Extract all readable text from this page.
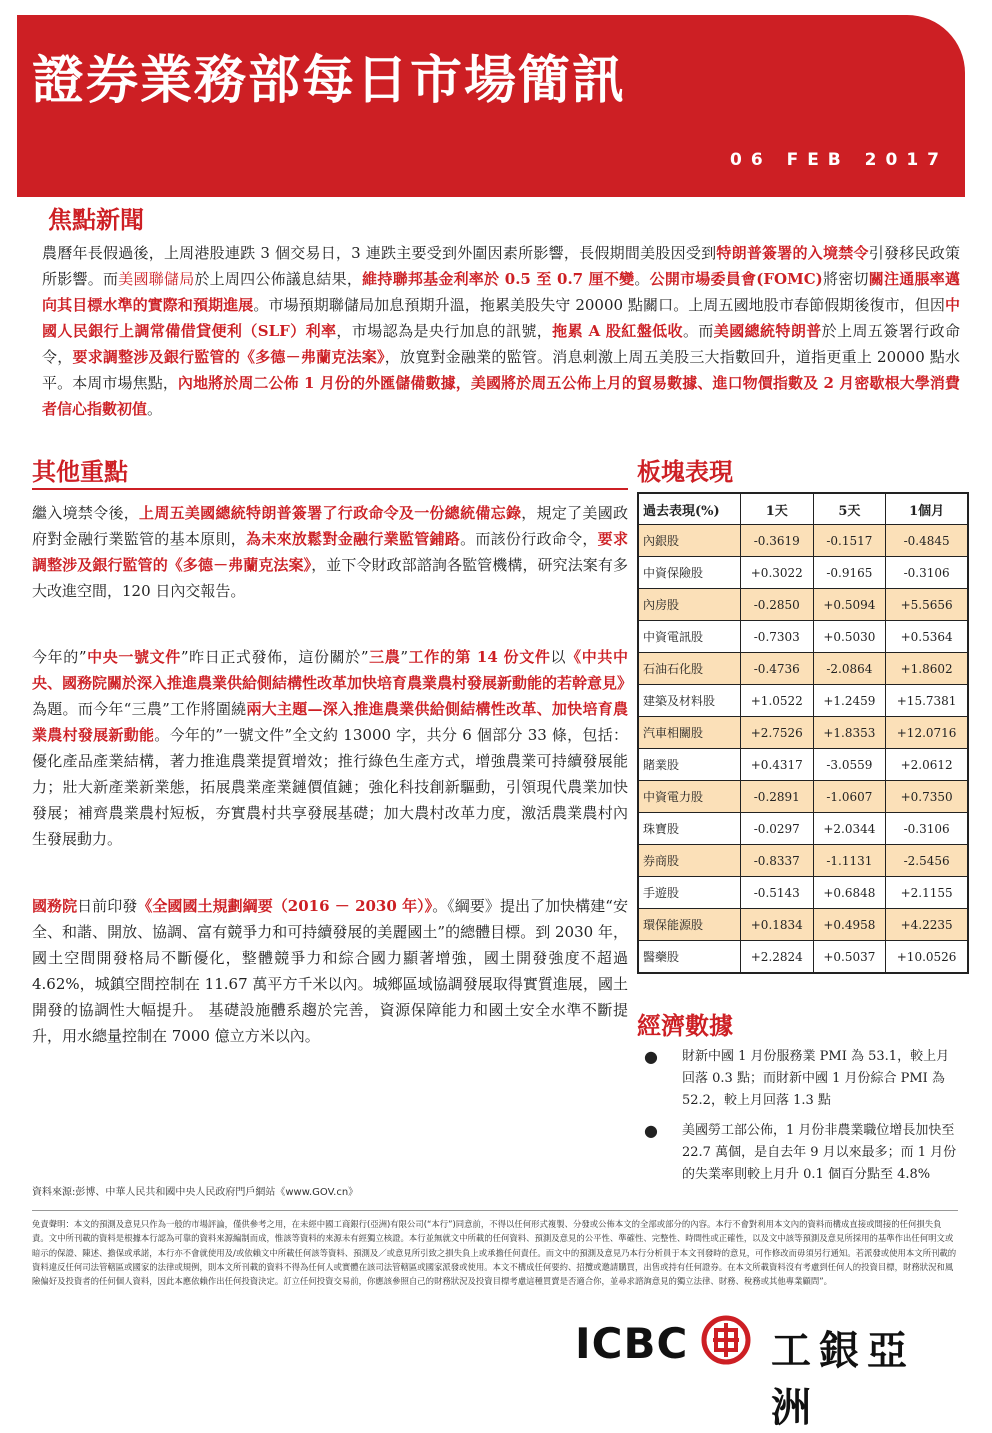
證券業務部每日市場簡訊
06 FEB 2017
焦點新聞
農曆年長假過後，上周港股連跌 3 個交易日，3 連跌主要受到外圍因素所影響，長假期間美股因受到特朗普簽署的入境禁令引發移民政策所影響。而美國聯儲局於上周四公佈議息結果，維持聯邦基金利率於 0.5 至 0.7 厘不變。公開市場委員會(FOMC)將密切關注通脹率邁向其目標水準的實際和預期進展。市場預期聯儲局加息預期升溫，拖累美股失守 20000 點關口。上周五國地股市春節假期後復市，但因中國人民銀行上調常備借貸便利（SLF）利率，市場認為是央行加息的訊號，拖累 A 股紅盤低收。而美國總統特朗普於上周五簽署行政命令，要求調整涉及銀行監管的《多德－弗蘭克法案》，放寬對金融業的監管。消息刺激上周五美股三大指數回升，道指更重上 20000 點水平。本周市場焦點，內地將於周二公佈 1 月份的外匯儲備數據，美國將於周五公佈上月的貿易數據、進口物價指數及 2 月密歇根大學消費者信心指數初值。
其他重點
繼入境禁令後，上周五美國總統特朗普簽署了行政命令及一份總統備忘錄，規定了美國政府對金融行業監管的基本原則，為未來放鬆對金融行業監管鋪路。而該份行政命令，要求調整涉及銀行監管的《多德－弗蘭克法案》，並下令財政部諮詢各監管機構，研究法案有多大改進空間，120 日內交報告。
今年的”中央一號文件”昨日正式發佈，這份關於”三農”工作的第 14 份文件以《中共中央、國務院關於深入推進農業供給側結構性改革加快培育農業農村發展新動能的若幹意見》為題。而今年“三農”工作將圍繞兩大主題—深入推進農業供給側結構性改革、加快培育農業農村發展新動能。今年的”一號文件”全文約 13000 字，共分 6 個部分 33 條，包括：優化產品產業結構，著力推進農業提質增效；推行綠色生產方式，增強農業可持續發展能力；壯大新產業新業態，拓展農業產業鏈價值鏈；強化科技創新驅動，引領現代農業加快發展；補齊農業農村短板，夯實農村共享發展基礎；加大農村改革力度，激活農業農村內生發展動力。
國務院日前印發《全國國土規劃綱要（2016 － 2030 年）》。《綱要》提出了加快構建“安全、和諧、開放、協調、富有競爭力和可持續發展的美麗國土”的總體目標。到 2030 年，國土空間開發格局不斷優化，整體競爭力和綜合國力顯著增強，國土開發強度不超過 4.62%，城鎮空間控制在 11.67 萬平方千米以內。城鄉區域協調發展取得實質進展，國土開發的協調性大幅提升。 基礎設施體系趨於完善，資源保障能力和國土安全水準不斷提升，用水總量控制在 7000 億立方米以內。
板塊表現
過去表現(%)	1天	5天	1個月
內銀股	-0.3619	-0.1517	-0.4845
中資保險股	+0.3022	-0.9165	-0.3106
內房股	-0.2850	+0.5094	+5.5656
中資電訊股	-0.7303	+0.5030	+0.5364
石油石化股	-0.4736	-2.0864	+1.8602
建築及材料股	+1.0522	+1.2459	+15.7381
汽車相關股	+2.7526	+1.8353	+12.0716
賭業股	+0.4317	-3.0559	+2.0612
中資電力股	-0.2891	-1.0607	+0.7350
珠寶股	-0.0297	+2.0344	-0.3106
券商股	-0.8337	-1.1131	-2.5456
手遊股	-0.5143	+0.6848	+2.1155
環保能源股	+0.1834	+0.4958	+4.2235
醫藥股	+2.2824	+0.5037	+10.0526
經濟數據
● 財新中國 1 月份服務業 PMI 為 53.1，較上月回落 0.3 點；而財新中國 1 月份綜合 PMI 為 52.2，較上月回落 1.3 點
● 美國勞工部公佈，1 月份非農業職位增長加快至 22.7 萬個，是自去年 9 月以來最多；而 1 月份的失業率則較上月升 0.1 個百分點至 4.8%
資料來源:彭博、中華人民共和國中央人民政府門戶網站《www.GOV.cn》
免責聲明：本文的預測及意見只作為一般的市場評論，僅供參考之用，在未經中國工商銀行(亞洲)有限公司(“本行”)同意前，不得以任何形式複製、分發或公佈本文的全部或部分的內容。本行不會對利用本文內的資料而構成直接或間接的任何損失負責。文中所刊載的資料是根據本行認為可靠的資料來源編制而成，惟該等資料的來源未有經獨立核證。本行並無就文中所載的任何資料、預測及意見的公平性、準確性、完整性、時間性或正確性，以及文中該等預測及意見所採用的基準作出任何明文或暗示的保證、陳述、擔保或承諾，本行亦不會就使用及/或依賴文中所載任何該等資料、預測及／或意見所引致之損失負上或承擔任何責任。而文中的預測及意見乃本行分析員于本文刊發時的意見，可作修改而毋須另行通知。若派發或使用本文所刊載的資料違反任何司法管轄區或國家的法律或規例，則本文所刊載的資料不得為任何人或實體在該司法管轄區或國家派發或使用。本文不構成任何要約、招攬或邀請購買，出售或持有任何證券。在本文所載資料沒有考慮到任何人的投資目標，財務狀況和風險偏好及投資者的任何個人資料，因此本應依賴作出任何投資決定。訂立任何投資交易前，你應該參照自己的財務狀況及投資目標考慮這種買賣是否適合你，並尋求諮詢意見的獨立法律、財務、稅務或其他專業顧問”。
ICBC 工銀亞洲
